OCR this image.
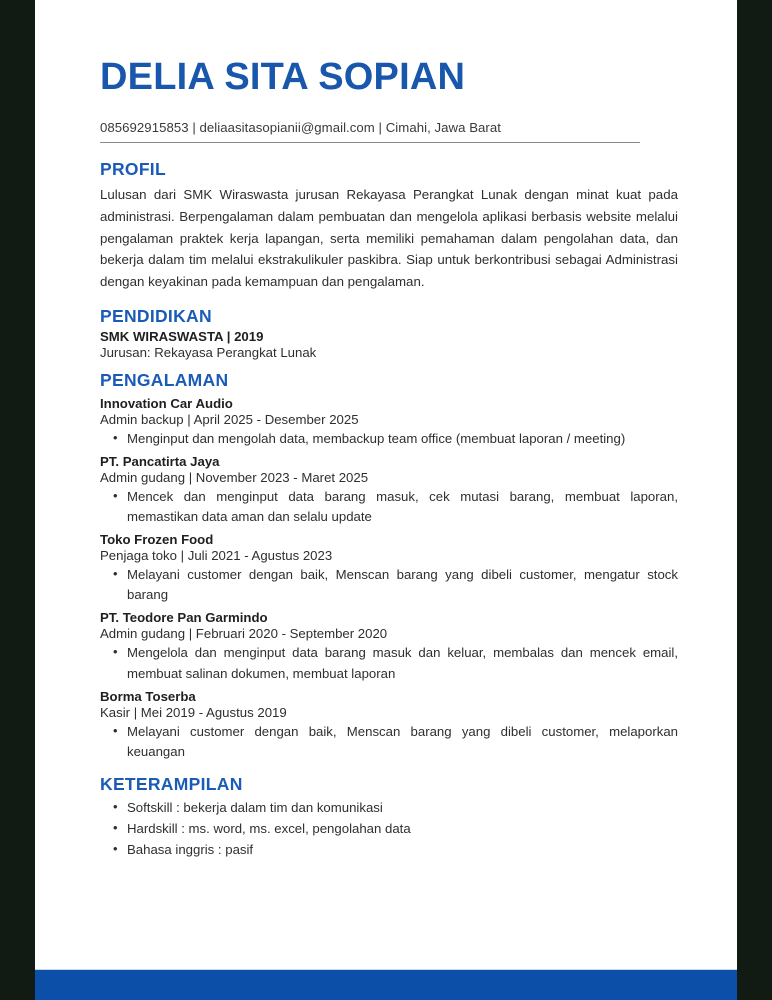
DELIA SITA SOPIAN
085692915853 | deliaasitasopianii@gmail.com | Cimahi, Jawa Barat
PROFIL

Lulusan dari SMK Wiraswasta jurusan Rekayasa Perangkat Lunak dengan minat kuat pada administrasi. Berpengalaman dalam pembuatan dan mengelola aplikasi berbasis website melalui pengalaman praktek kerja lapangan, serta memiliki pemahaman dalam pengolahan data, dan bekerja dalam tim melalui ekstrakulikuler paskibra. Siap untuk berkontribusi sebagai Administrasi dengan keyakinan pada kemampuan dan pengalaman.

PENDIDIKAN
SMK WIRASWASTA | 2019
Jurusan: Rekayasa Perangkat Lunak
PENGALAMAN
Innovation Car Audio
Admin backup | April 2025 - Desember 2025
• Menginput dan mengolah data, membackup team office (membuat laporan / meeting)
PT. Pancatirta Jaya
Admin gudang | November 2023 - Maret 2025
• Mencek dan menginput data barang masuk, cek mutasi barang, membuat laporan, memastikan data aman dan selalu update
Toko Frozen Food
Penjaga toko | Juli 2021 - Agustus 2023
• Melayani customer dengan baik, Menscan barang yang dibeli customer, mengatur stock barang
PT. Teodore Pan Garmindo
Admin gudang | Februari 2020 - September 2020
• Mengelola dan menginput data barang masuk dan keluar, membalas dan mencek email, membuat salinan dokumen, membuat laporan
Borma Toserba
Kasir | Mei 2019 - Agustus 2019
• Melayani customer dengan baik, Menscan barang yang dibeli customer, melaporkan keuangan
KETERAMPILAN
• Softskill : bekerja dalam tim dan komunikasi
• Hardskill : ms. word, ms. excel, pengolahan data
• Bahasa inggris : pasif
